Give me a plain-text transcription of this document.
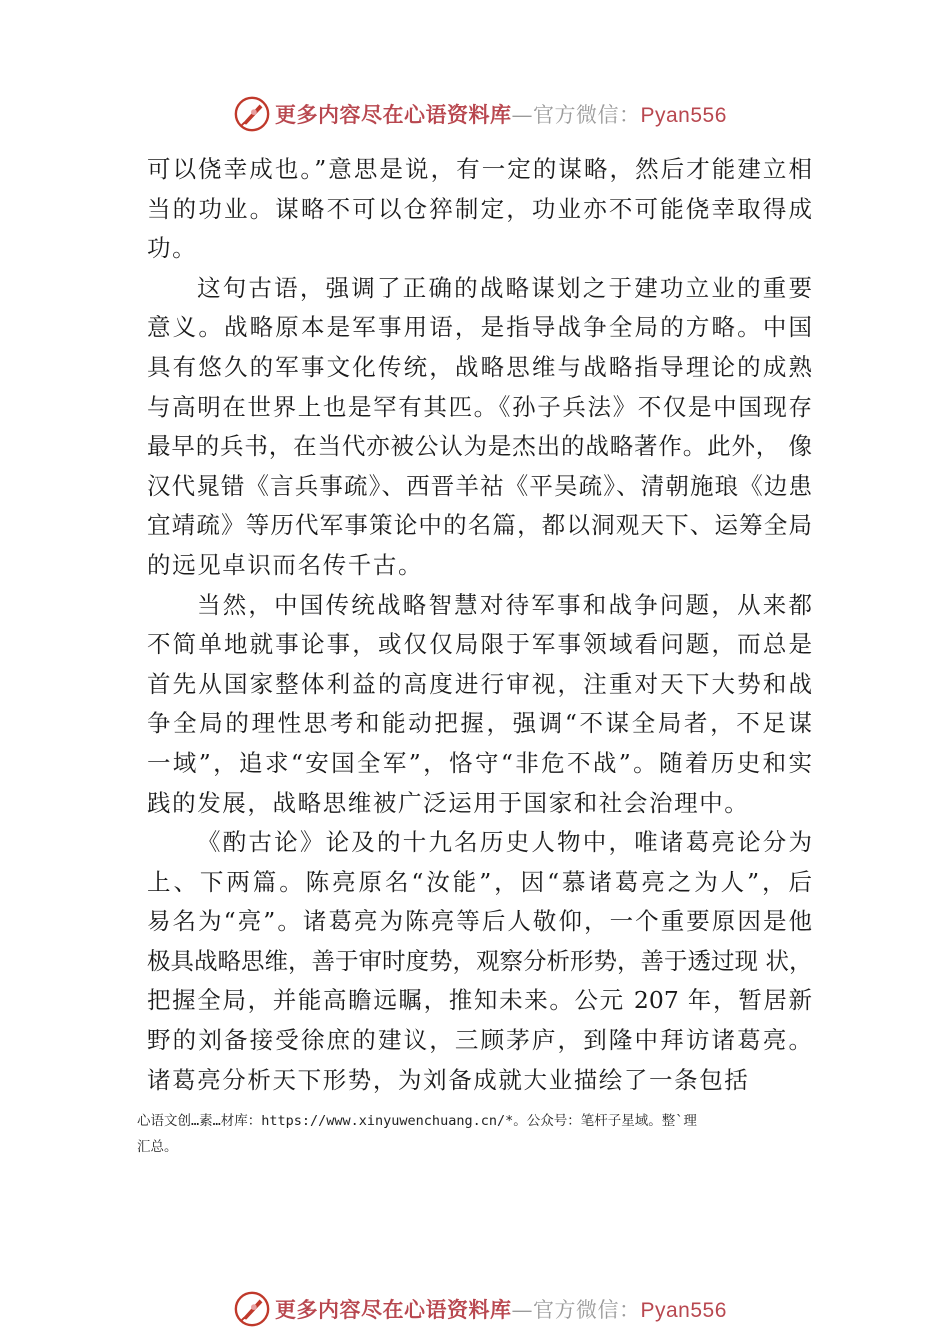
更多内容尽在心语资料库—官方微信：Pyan556
可以侥幸成也。”意思是说，有一定的谋略，然后才能建立相
当的功业。谋略不可以仓猝制定，功业亦不可能侥幸取得成
功。
这句古语，强调了正确的战略谋划之于建功立业的重要
意义。战略原本是军事用语，是指导战争全局的方略。中国
具有悠久的军事文化传统，战略思维与战略指导理论的成熟
与高明在世界上也是罕有其匹。《孙子兵法》不仅是中国现存
最早的兵书，在当代亦被公认为是杰出的战略著作。此外， 像
汉代晁错《言兵事疏》、西晋羊祜《平吴疏》、清朝施琅《边患
宜靖疏》等历代军事策论中的名篇，都以洞观天下、运筹全局
的远见卓识而名传千古。
当然，中国传统战略智慧对待军事和战争问题，从来都
不简单地就事论事，或仅仅局限于军事领域看问题，而总是
首先从国家整体利益的高度进行审视，注重对天下大势和战
争全局的理性思考和能动把握，强调“不谋全局者，不足谋
一域”，追求“安国全军”，恪守“非危不战”。随着历史和实
践的发展，战略思维被广泛运用于国家和社会治理中。
《酌古论》论及的十九名历史人物中，唯诸葛亮论分为
上、下两篇。陈亮原名“汝能”，因“慕诸葛亮之为人”，后
易名为“亮”。诸葛亮为陈亮等后人敬仰，一个重要原因是他
极具战略思维，善于审时度势，观察分析形势，善于透过现 状，
把握全局，并能高瞻远瞩，推知未来。公元 207 年，暂居新
野的刘备接受徐庶的建议，三顾茅庐，到隆中拜访诸葛亮。
诸葛亮分析天下形势，为刘备成就大业描绘了一条包括
心语文创…素…材库：https://www.xinyuwenchuang.cn/*。公众号：笔杆子星域。整`理
汇总。
更多内容尽在心语资料库—官方微信：Pyan556
